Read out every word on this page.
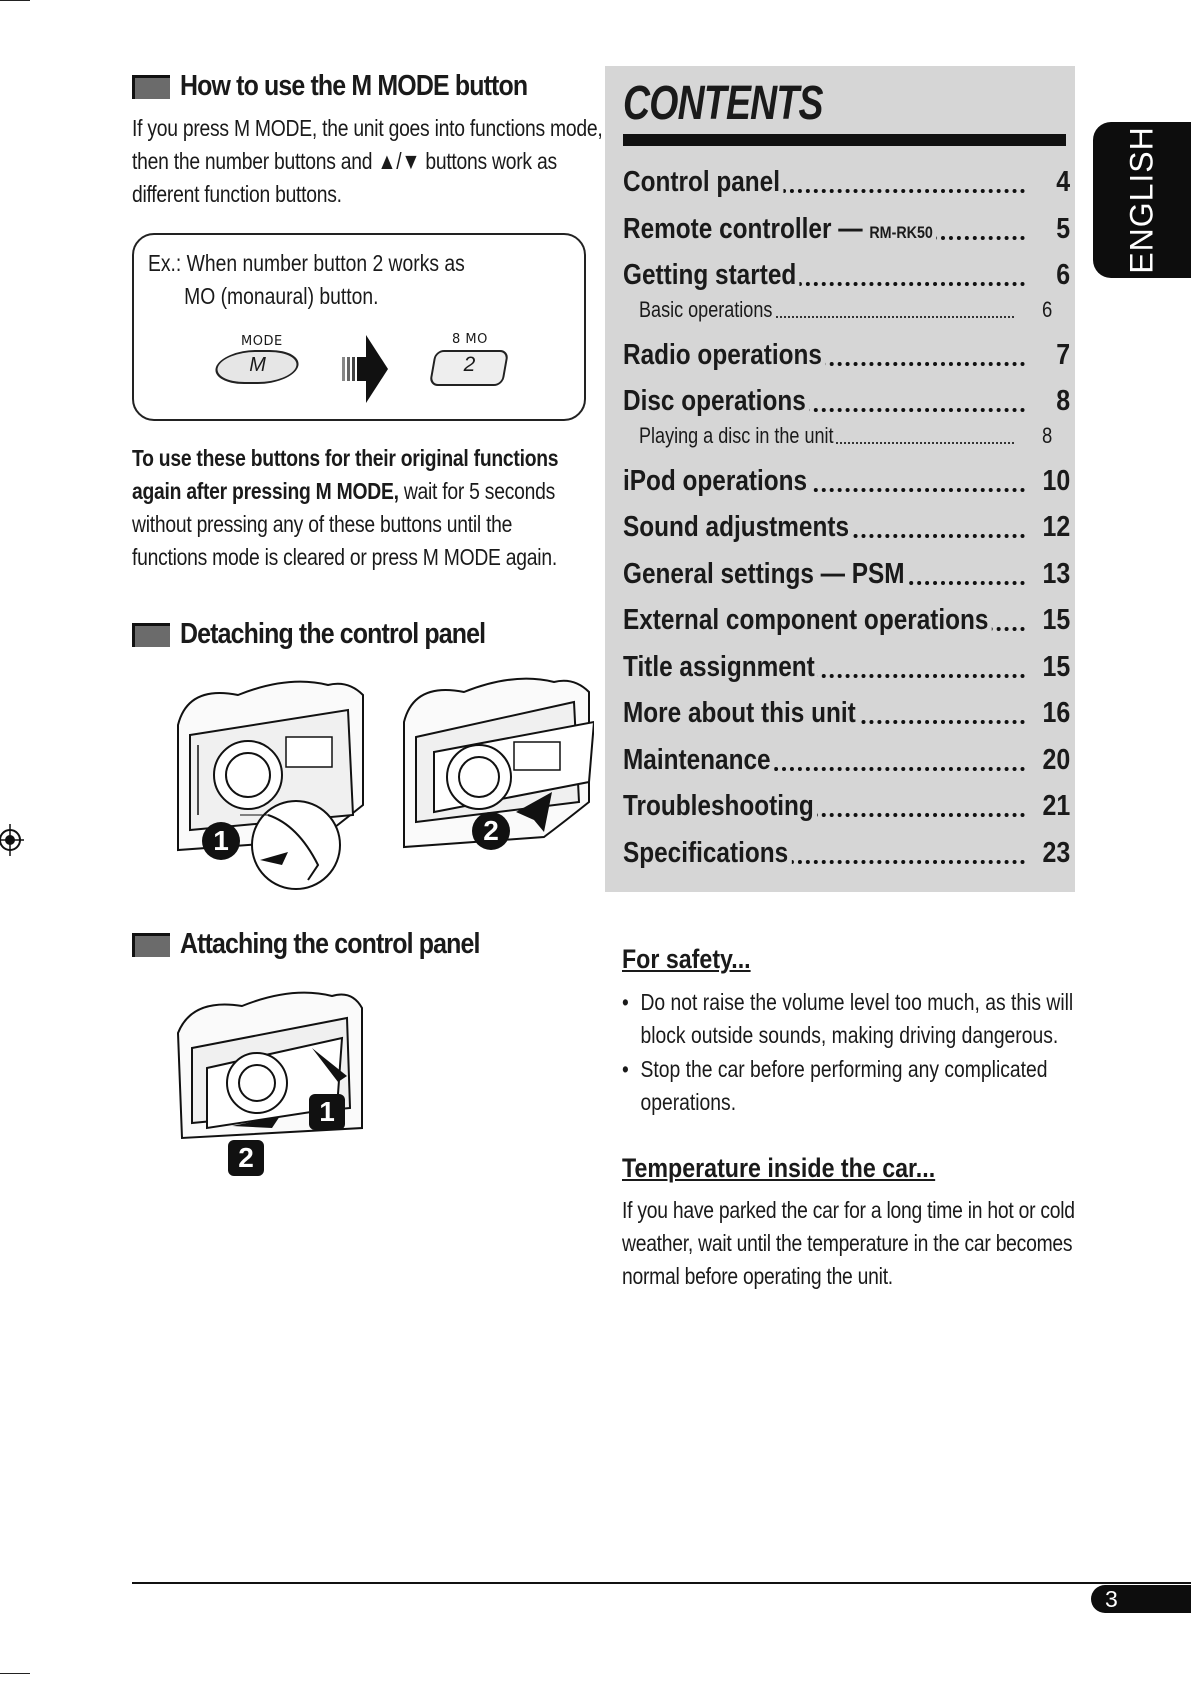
How to use the M MODE button
If you press M MODE, the unit goes into functions mode,
then the number buttons and ▲/▼ buttons work as
different function buttons.
Ex.: When number button 2 works as
MO (monaural) button.
MODE
M
8 MO
2
To use these buttons for their original functions
again after pressing M MODE, wait for 5 seconds
without pressing any of these buttons until the
functions mode is cleared or press M MODE again.
Detaching the control panel
1	2
Attaching the control panel
1
2
CONTENTS
Control panel	4
Remote controller — RM-RK50	5
Getting started	6
Basic operations	6
Radio operations	7
Disc operations	8
Playing a disc in the unit	8
iPod operations	10
Sound adjustments	12
General settings — PSM	13
External component operations 15
Title assignment	15
More about this unit	16
Maintenance	20
Troubleshooting	21
Specifications	23
ENGLISH
For safety...
• Do not raise the volume level too much, as this will
block outside sounds, making driving dangerous.
• Stop the car before performing any complicated
operations.
Temperature inside the car...
If you have parked the car for a long time in hot or cold
weather, wait until the temperature in the car becomes
normal before operating the unit.
3
